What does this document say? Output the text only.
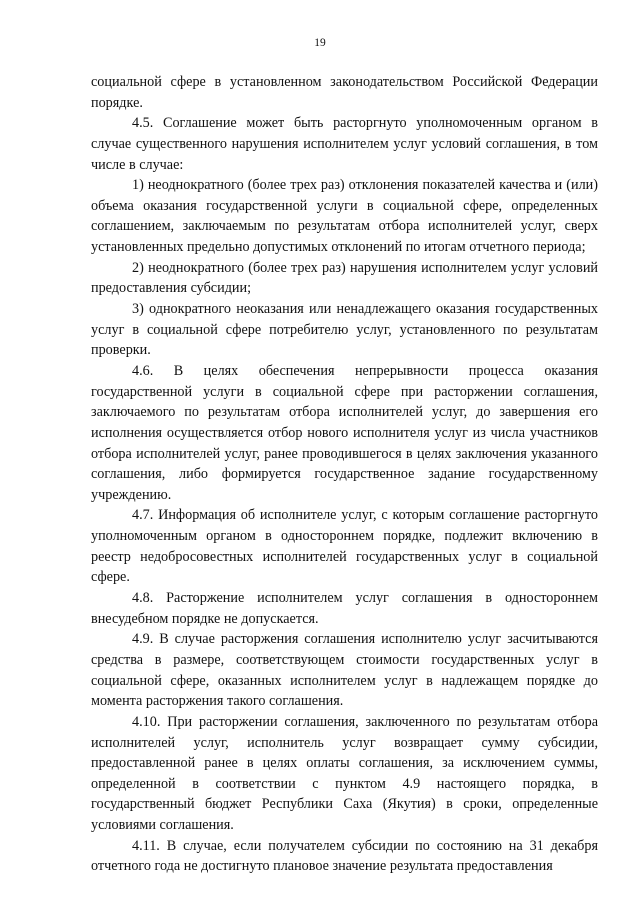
19

социальной сфере в установленном законодательством Российской Федерации порядке.

4.5. Соглашение может быть расторгнуто уполномоченным органом в случае существенного нарушения исполнителем услуг условий соглашения, в том числе в случае:

1) неоднократного (более трех раз) отклонения показателей качества и (или) объема оказания государственной услуги в социальной сфере, определенных соглашением, заключаемым по результатам отбора исполнителей услуг, сверх установленных предельно допустимых отклонений по итогам отчетного периода;

2) неоднократного (более трех раз) нарушения исполнителем услуг условий предоставления субсидии;

3) однократного неоказания или ненадлежащего оказания государственных услуг в социальной сфере потребителю услуг, установленного по результатам проверки.

4.6. В целях обеспечения непрерывности процесса оказания государственной услуги в социальной сфере при расторжении соглашения, заключаемого по результатам отбора исполнителей услуг, до завершения его исполнения осуществляется отбор нового исполнителя услуг из числа участников отбора исполнителей услуг, ранее проводившегося в целях заключения указанного соглашения, либо формируется государственное задание государственному учреждению.

4.7. Информация об исполнителе услуг, с которым соглашение расторгнуто уполномоченным органом в одностороннем порядке, подлежит включению в реестр недобросовестных исполнителей государственных услуг в социальной сфере.

4.8. Расторжение исполнителем услуг соглашения в одностороннем внесудебном порядке не допускается.

4.9. В случае расторжения соглашения исполнителю услуг засчитываются средства в размере, соответствующем стоимости государственных услуг в социальной сфере, оказанных исполнителем услуг в надлежащем порядке до момента расторжения такого соглашения.

4.10. При расторжении соглашения, заключенного по результатам отбора исполнителей услуг, исполнитель услуг возвращает сумму субсидии, предоставленной ранее в целях оплаты соглашения, за исключением суммы, определенной в соответствии с пунктом 4.9 настоящего порядка, в государственный бюджет Республики Саха (Якутия) в сроки, определенные условиями соглашения.

4.11. В случае, если получателем субсидии по состоянию на 31 декабря отчетного года не достигнуто плановое значение результата предоставления
